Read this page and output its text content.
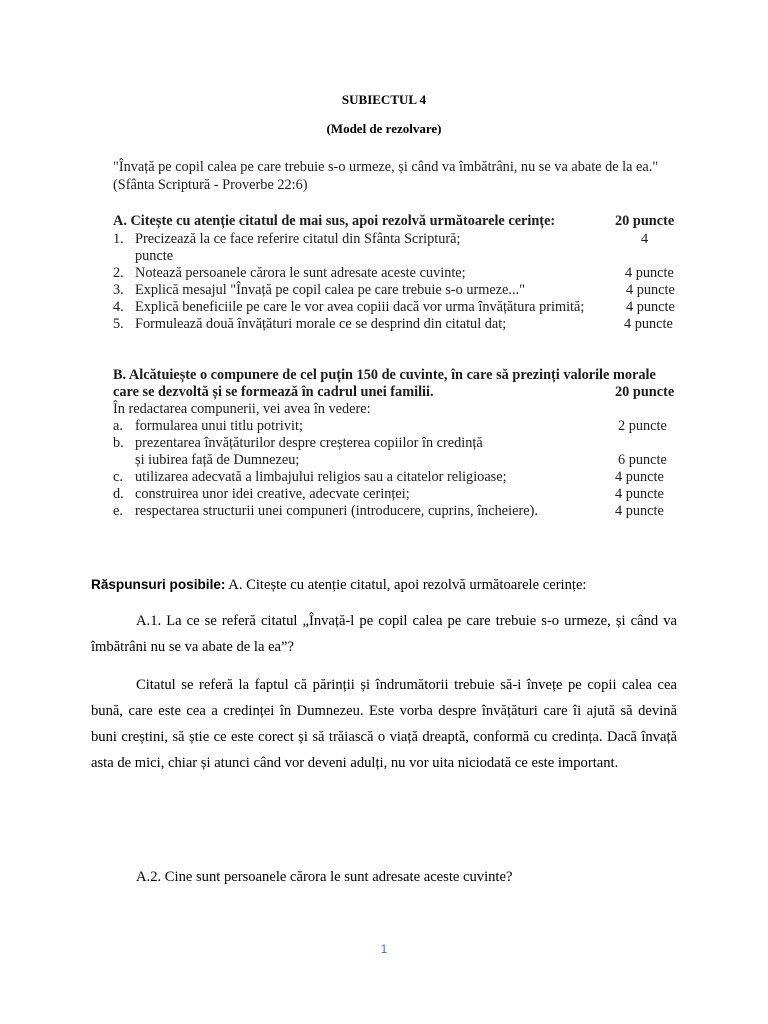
SUBIECTUL 4
(Model de rezolvare)
"Învață pe copil calea pe care trebuie s-o urmeze, și când va îmbătrâni, nu se va abate de la ea."
(Sfânta Scriptură - Proverbe 22:6)
A. Citește cu atenție citatul de mai sus, apoi rezolvă următoarele cerințe:	20 puncte
1. Precizează la ce face referire citatul din Sfânta Scriptură;	4
puncte
2. Notează persoanele cărora le sunt adresate aceste cuvinte;	4 puncte
3. Explică mesajul "Învață pe copil calea pe care trebuie s-o urmeze..."	4 puncte
4. Explică beneficiile pe care le vor avea copiii dacă vor urma învățătura primită;	4 puncte
5. Formulează două învățături morale ce se desprind din citatul dat;	4 puncte
B. Alcătuiește o compunere de cel puțin 150 de cuvinte, în care să prezinți valorile morale
care se dezvoltă și se formează în cadrul unei familii.	20 puncte
În redactarea compunerii, vei avea în vedere:
a. formularea unui titlu potrivit;	2 puncte
b. prezentarea învățăturilor despre creșterea copiilor în credință
și iubirea față de Dumnezeu;	6 puncte
c. utilizarea adecvată a limbajului religios sau a citatelor religioase;	4 puncte
d. construirea unor idei creative, adecvate cerinței;	4 puncte
e. respectarea structurii unei compuneri (introducere, cuprins, încheiere).	4 puncte
Răspunsuri posibile: A. Citește cu atenție citatul, apoi rezolvă următoarele cerințe:
A.1. La ce se referă citatul „Învață-l pe copil calea pe care trebuie s-o urmeze, și când va îmbătrâni nu se va abate de la ea”?
Citatul se referă la faptul că părinții și îndrumătorii trebuie să-i învețe pe copii calea cea bună, care este cea a credinței în Dumnezeu. Este vorba despre învățături care îi ajută să devină buni creștini, să știe ce este corect și să trăiască o viață dreaptă, conformă cu credința. Dacă învață asta de mici, chiar și atunci când vor deveni adulți, nu vor uita niciodată ce este important.
A.2. Cine sunt persoanele cărora le sunt adresate aceste cuvinte?
1
